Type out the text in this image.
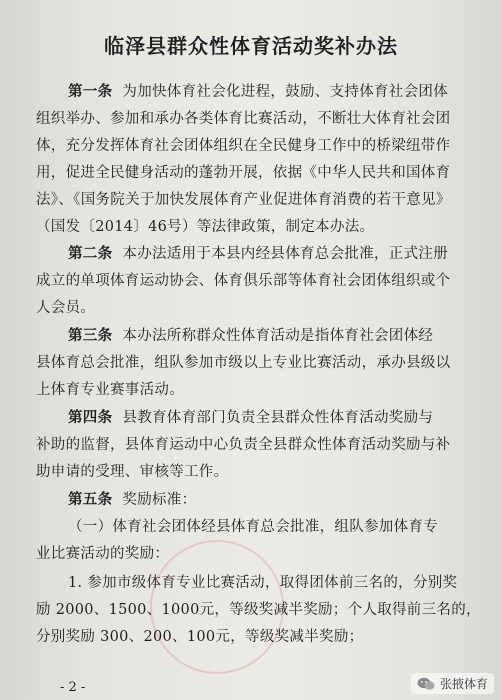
临泽县群众性体育活动奖补办法
第一条 为加快体育社会化进程，鼓励、支持体育社会团体
组织举办、参加和承办各类体育比赛活动，不断壮大体育社会团
体，充分发挥体育社会团体组织在全民健身工作中的桥梁纽带作
用，促进全民健身活动的蓬勃开展，依据《中华人民共和国体育
法》、《国务院关于加快发展体育产业促进体育消费的若干意见》
（国发〔2014〕46号）等法律政策，制定本办法。
第二条 本办法适用于本县内经县体育总会批准，正式注册
成立的单项体育运动协会、体育俱乐部等体育社会团体组织或个
人会员。
第三条 本办法所称群众性体育活动是指体育社会团体经
县体育总会批准，组队参加市级以上专业比赛活动，承办县级以
上体育专业赛事活动。
第四条 县教育体育部门负责全县群众性体育活动奖励与
补助的监督，县体育运动中心负责全县群众性体育活动奖励与补
助申请的受理、审核等工作。
第五条 奖励标准：
（一）体育社会团体经县体育总会批准，组队参加体育专
业比赛活动的奖励：
1. 参加市级体育专业比赛活动，取得团体前三名的，分别奖
励 2000、1500、1000元，等级奖减半奖励；个人取得前三名的，
分别奖励 300、200、100元，等级奖减半奖励；
- 2 -	张掖体育
